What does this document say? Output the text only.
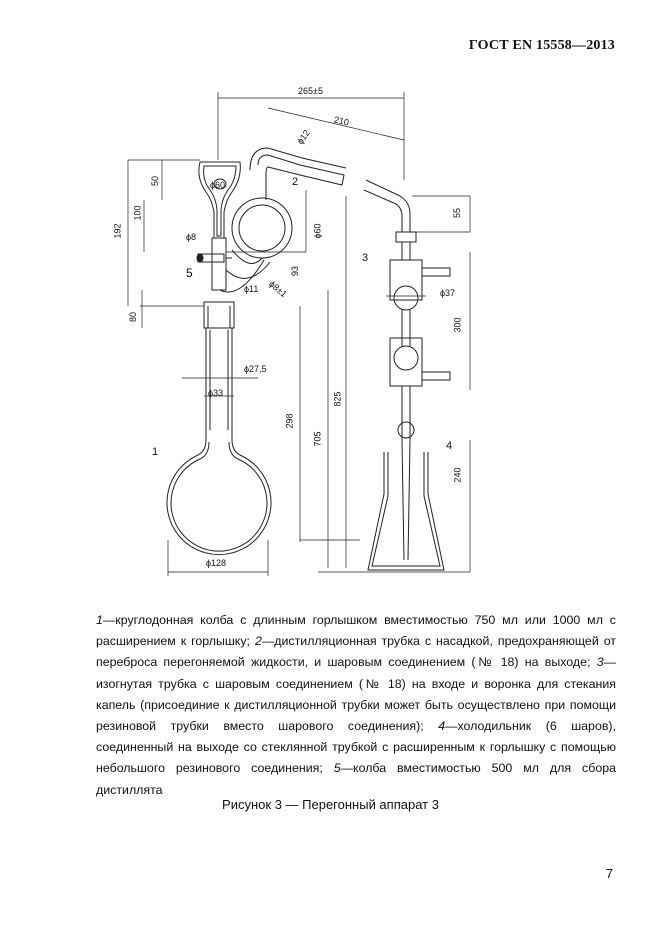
ГОСТ EN 15558—2013
265±5
210
ϕ12
ϕ60
50
100
192	ϕ60
ϕ8
93
ϕ11 ϕ8±1
80
ϕ27,5
ϕ33
298
705
825
ϕ128
55
ϕ37
300
240
1
2
3
4
5
1—круглодонная колба с длинным горлышком вместимостью 750 мл или 1000 мл с расширением к горлышку; 2—дистилляционная трубка с насадкой, предохраняющей от переброса перегоняемой жидкости, и шаровым соединением (№ 18) на выходе; 3—изогнутая трубка с шаровым соединением (№ 18) на входе и воронка для стекания капель (присоединие к дистилляционной трубки может быть осуществлено при помощи резиновой трубки вместо шарового соединения); 4—холодильник (6 шаров), соединенный на выходе со стеклянной трубкой с расширенным к горлышку с помощью небольшого резинового соединения; 5—колба вместимостью 500 мл для сбора дистиллята
Рисунок 3 — Перегонный аппарат 3
7
